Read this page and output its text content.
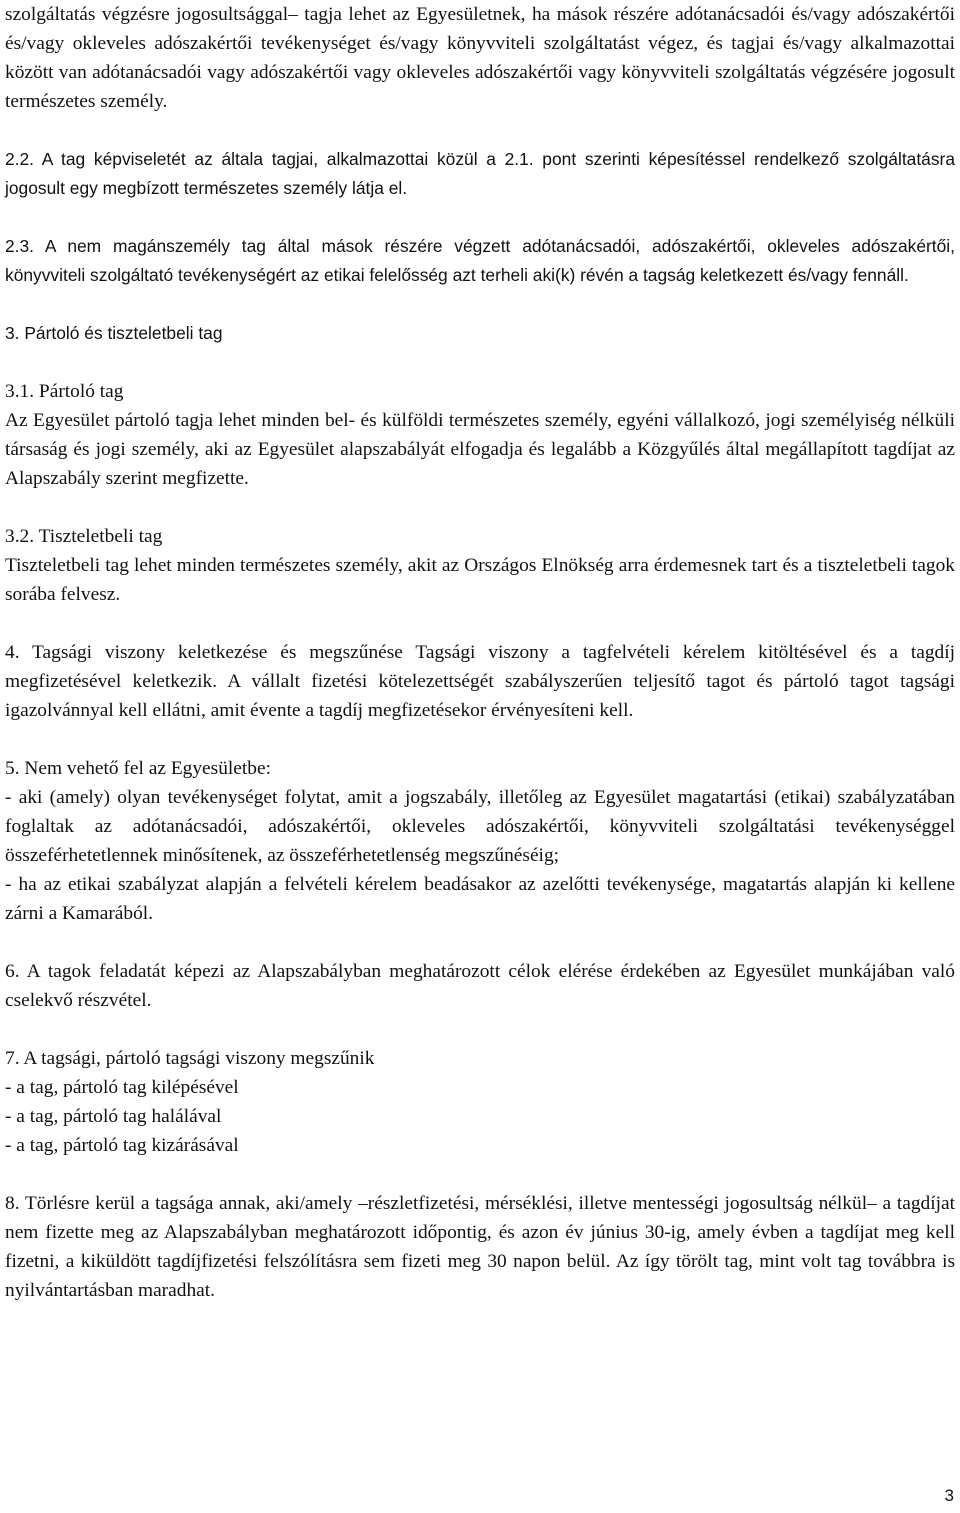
szolgáltatás végzésre jogosultsággal– tagja lehet az Egyesületnek, ha mások részére adótanácsadói és/vagy adószakértői és/vagy okleveles adószakértői tevékenységet és/vagy könyvviteli szolgáltatást végez, és tagjai és/vagy alkalmazottai között van adótanácsadói vagy adószakértői vagy okleveles adószakértői vagy könyvviteli szolgáltatás végzésére jogosult természetes személy.

2.2. A tag képviseletét az általa tagjai, alkalmazottai közül a 2.1. pont szerinti képesítéssel rendelkező szolgáltatásra jogosult egy megbízott természetes személy látja el.

2.3. A nem magánszemély tag által mások részére végzett adótanácsadói, adószakértői, okleveles adószakértői, könyvviteli szolgáltató tevékenységért az etikai felelősség azt terheli aki(k) révén a tagság keletkezett és/vagy fennáll.

3. Pártoló és tiszteletbeli tag

3.1. Pártoló tag

Az Egyesület pártoló tagja lehet minden bel- és külföldi természetes személy, egyéni vállalkozó, jogi személyiség nélküli társaság és jogi személy, aki az Egyesület alapszabályát elfogadja és legalább a Közgyűlés által megállapított tagdíjat az Alapszabály szerint megfizette.

3.2. Tiszteletbeli tag

Tiszteletbeli tag lehet minden természetes személy, akit az Országos Elnökség arra érdemesnek tart és a tiszteletbeli tagok sorába felvesz.

4. Tagsági viszony keletkezése és megszűnése Tagsági viszony a tagfelvételi kérelem kitöltésével és a tagdíj megfizetésével keletkezik. A vállalt fizetési kötelezettségét szabályszerűen teljesítő tagot és pártoló tagot tagsági igazolvánnyal kell ellátni, amit évente a tagdíj megfizetésekor érvényesíteni kell.

5. Nem vehető fel az Egyesületbe:

- aki (amely) olyan tevékenységet folytat, amit a jogszabály, illetőleg az Egyesület magatartási (etikai) szabályzatában foglaltak az adótanácsadói, adószakértői, okleveles adószakértői, könyvviteli szolgáltatási tevékenységgel összeférhetetlennek minősítenek, az összeférhetetlenség megszűnéséig;

- ha az etikai szabályzat alapján a felvételi kérelem beadásakor az azelőtti tevékenysége, magatartás alapján ki kellene zárni a Kamarából.

6. A tagok feladatát képezi az Alapszabályban meghatározott célok elérése érdekében az Egyesület munkájában való cselekvő részvétel.

7. A tagsági, pártoló tagsági viszony megszűnik

- a tag, pártoló tag kilépésével

- a tag, pártoló tag halálával

- a tag, pártoló tag kizárásával

8. Törlésre kerül a tagsága annak, aki/amely –részletfizetési, mérséklési, illetve mentességi jogosultság nélkül– a tagdíjat nem fizette meg az Alapszabályban meghatározott időpontig, és azon év június 30-ig, amely évben a tagdíjat meg kell fizetni, a kiküldött tagdíjfizetési felszólításra sem fizeti meg 30 napon belül. Az így törölt tag, mint volt tag továbbra is nyilvántartásban maradhat.

3
